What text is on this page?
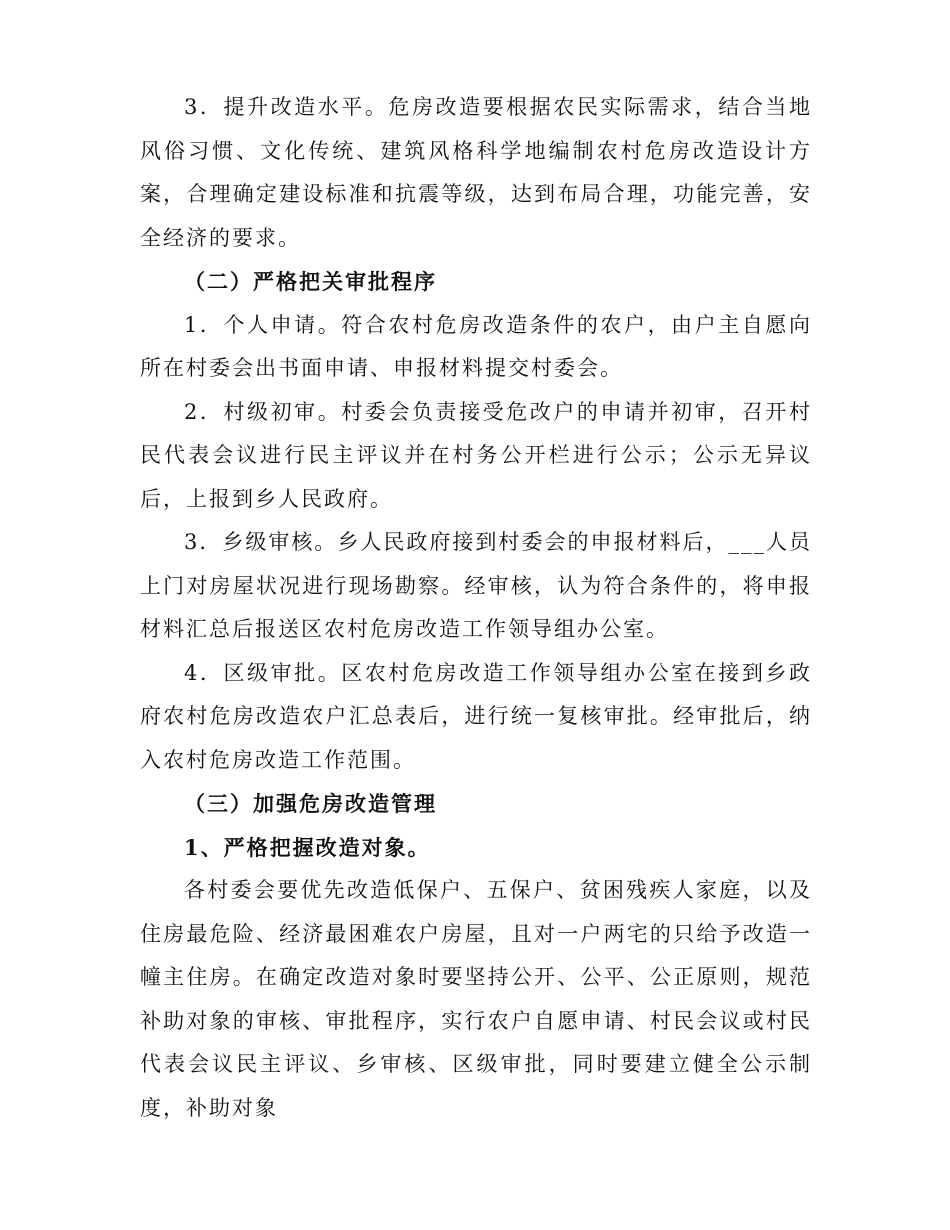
3．提升改造水平。危房改造要根据农民实际需求，结合当地风俗习惯、文化传统、建筑风格科学地编制农村危房改造设计方案，合理确定建设标准和抗震等级，达到布局合理，功能完善，安全经济的要求。

（二）严格把关审批程序

1．个人申请。符合农村危房改造条件的农户，由户主自愿向所在村委会出书面申请、申报材料提交村委会。

2．村级初审。村委会负责接受危改户的申请并初审，召开村民代表会议进行民主评议并在村务公开栏进行公示；公示无异议后，上报到乡人民政府。

3．乡级审核。乡人民政府接到村委会的申报材料后，___人员上门对房屋状况进行现场勘察。经审核，认为符合条件的，将申报材料汇总后报送区农村危房改造工作领导组办公室。

4．区级审批。区农村危房改造工作领导组办公室在接到乡政府农村危房改造农户汇总表后，进行统一复核审批。经审批后，纳入农村危房改造工作范围。

（三）加强危房改造管理

1、严格把握改造对象。

各村委会要优先改造低保户、五保户、贫困残疾人家庭，以及住房最危险、经济最困难农户房屋，且对一户两宅的只给予改造一幢主住房。在确定改造对象时要坚持公开、公平、公正原则，规范补助对象的审核、审批程序，实行农户自愿申请、村民会议或村民代表会议民主评议、乡审核、区级审批，同时要建立健全公示制度，补助对象
